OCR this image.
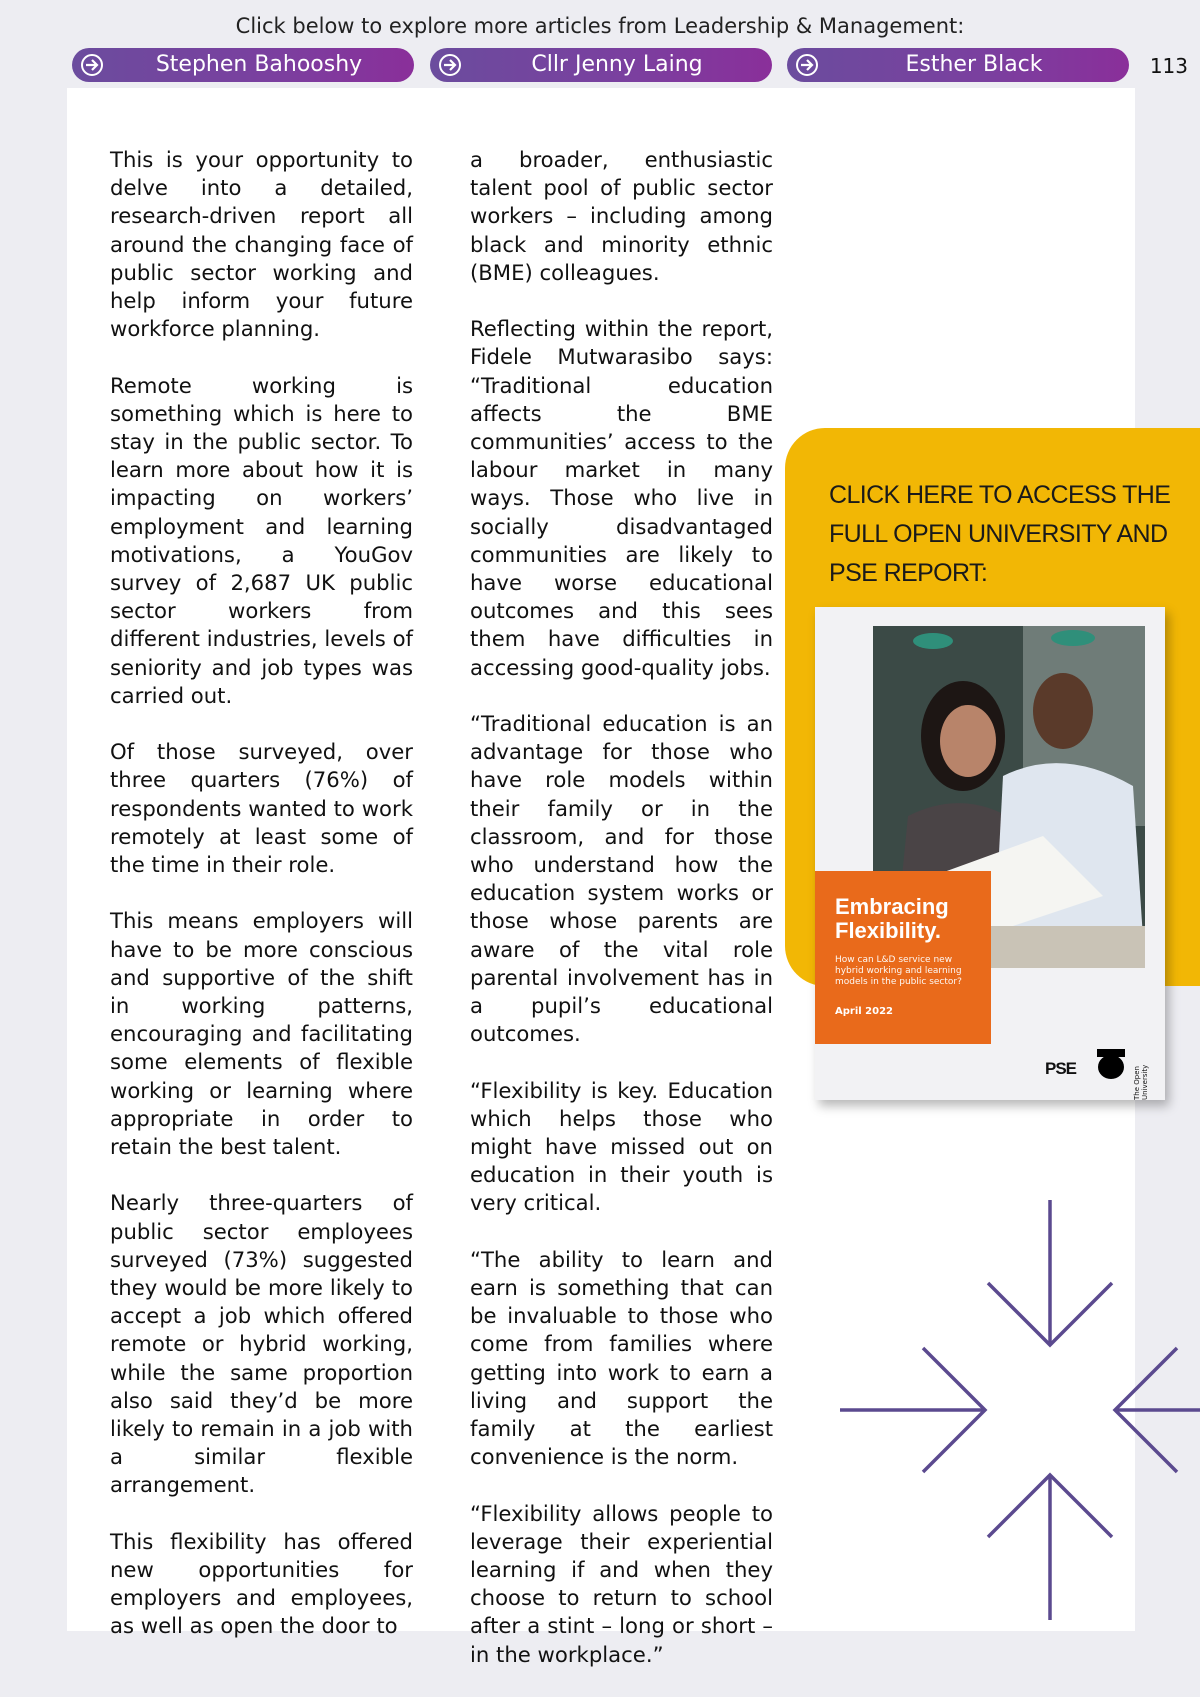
Click below to explore more articles from Leadership & Management:
Stephen Bahooshy	Cllr Jenny Laing	Esther Black	113

This is your opportunity to delve into a detailed, research-driven report all around the changing face of public sector working and help inform your future workforce planning.

Remote working is something which is here to stay in the public sector. To learn more about how it is impacting on workers’ employment and learning motivations, a YouGov survey of 2,687 UK public sector workers from different industries, levels of seniority and job types was carried out.

Of those surveyed, over three quarters (76%) of respondents wanted to work remotely at least some of the time in their role.

This means employers will have to be more conscious and supportive of the shift in working patterns, encouraging and facilitating some elements of flexible working or learning where appropriate in order to retain the best talent.

Nearly three-quarters of public sector employees surveyed (73%) suggested they would be more likely to accept a job which offered remote or hybrid working, while the same proportion also said they’d be more likely to remain in a job with a similar flexible arrangement.

This flexibility has offered new opportunities for employers and employees, as well as open the door to

a broader, enthusiastic talent pool of public sector workers – including among black and minority ethnic (BME) colleagues.

Reflecting within the report, Fidele Mutwarasibo says: “Traditional education affects the BME communities’ access to the labour market in many ways. Those who live in socially disadvantaged communities are likely to have worse educational outcomes and this sees them have difficulties in accessing good-quality jobs.

“Traditional education is an advantage for those who have role models within their family or in the classroom, and for those who understand how the education system works or those whose parents are aware of the vital role parental involvement has in a pupil’s educational outcomes.

“Flexibility is key. Education which helps those who might have missed out on education in their youth is very critical.

“The ability to learn and earn is something that can be invaluable to those who come from families where getting into work to earn a living and support the family at the earliest convenience is the norm.

“Flexibility allows people to leverage their experiential learning if and when they choose to return to school after a stint – long or short – in the workplace.”

CLICK HERE TO ACCESS THE FULL OPEN UNIVERSITY AND PSE REPORT:
Embracing Flexibility.
How can L&D service new hybrid working and learning models in the public sector?
April 2022
PSE	The Open University
